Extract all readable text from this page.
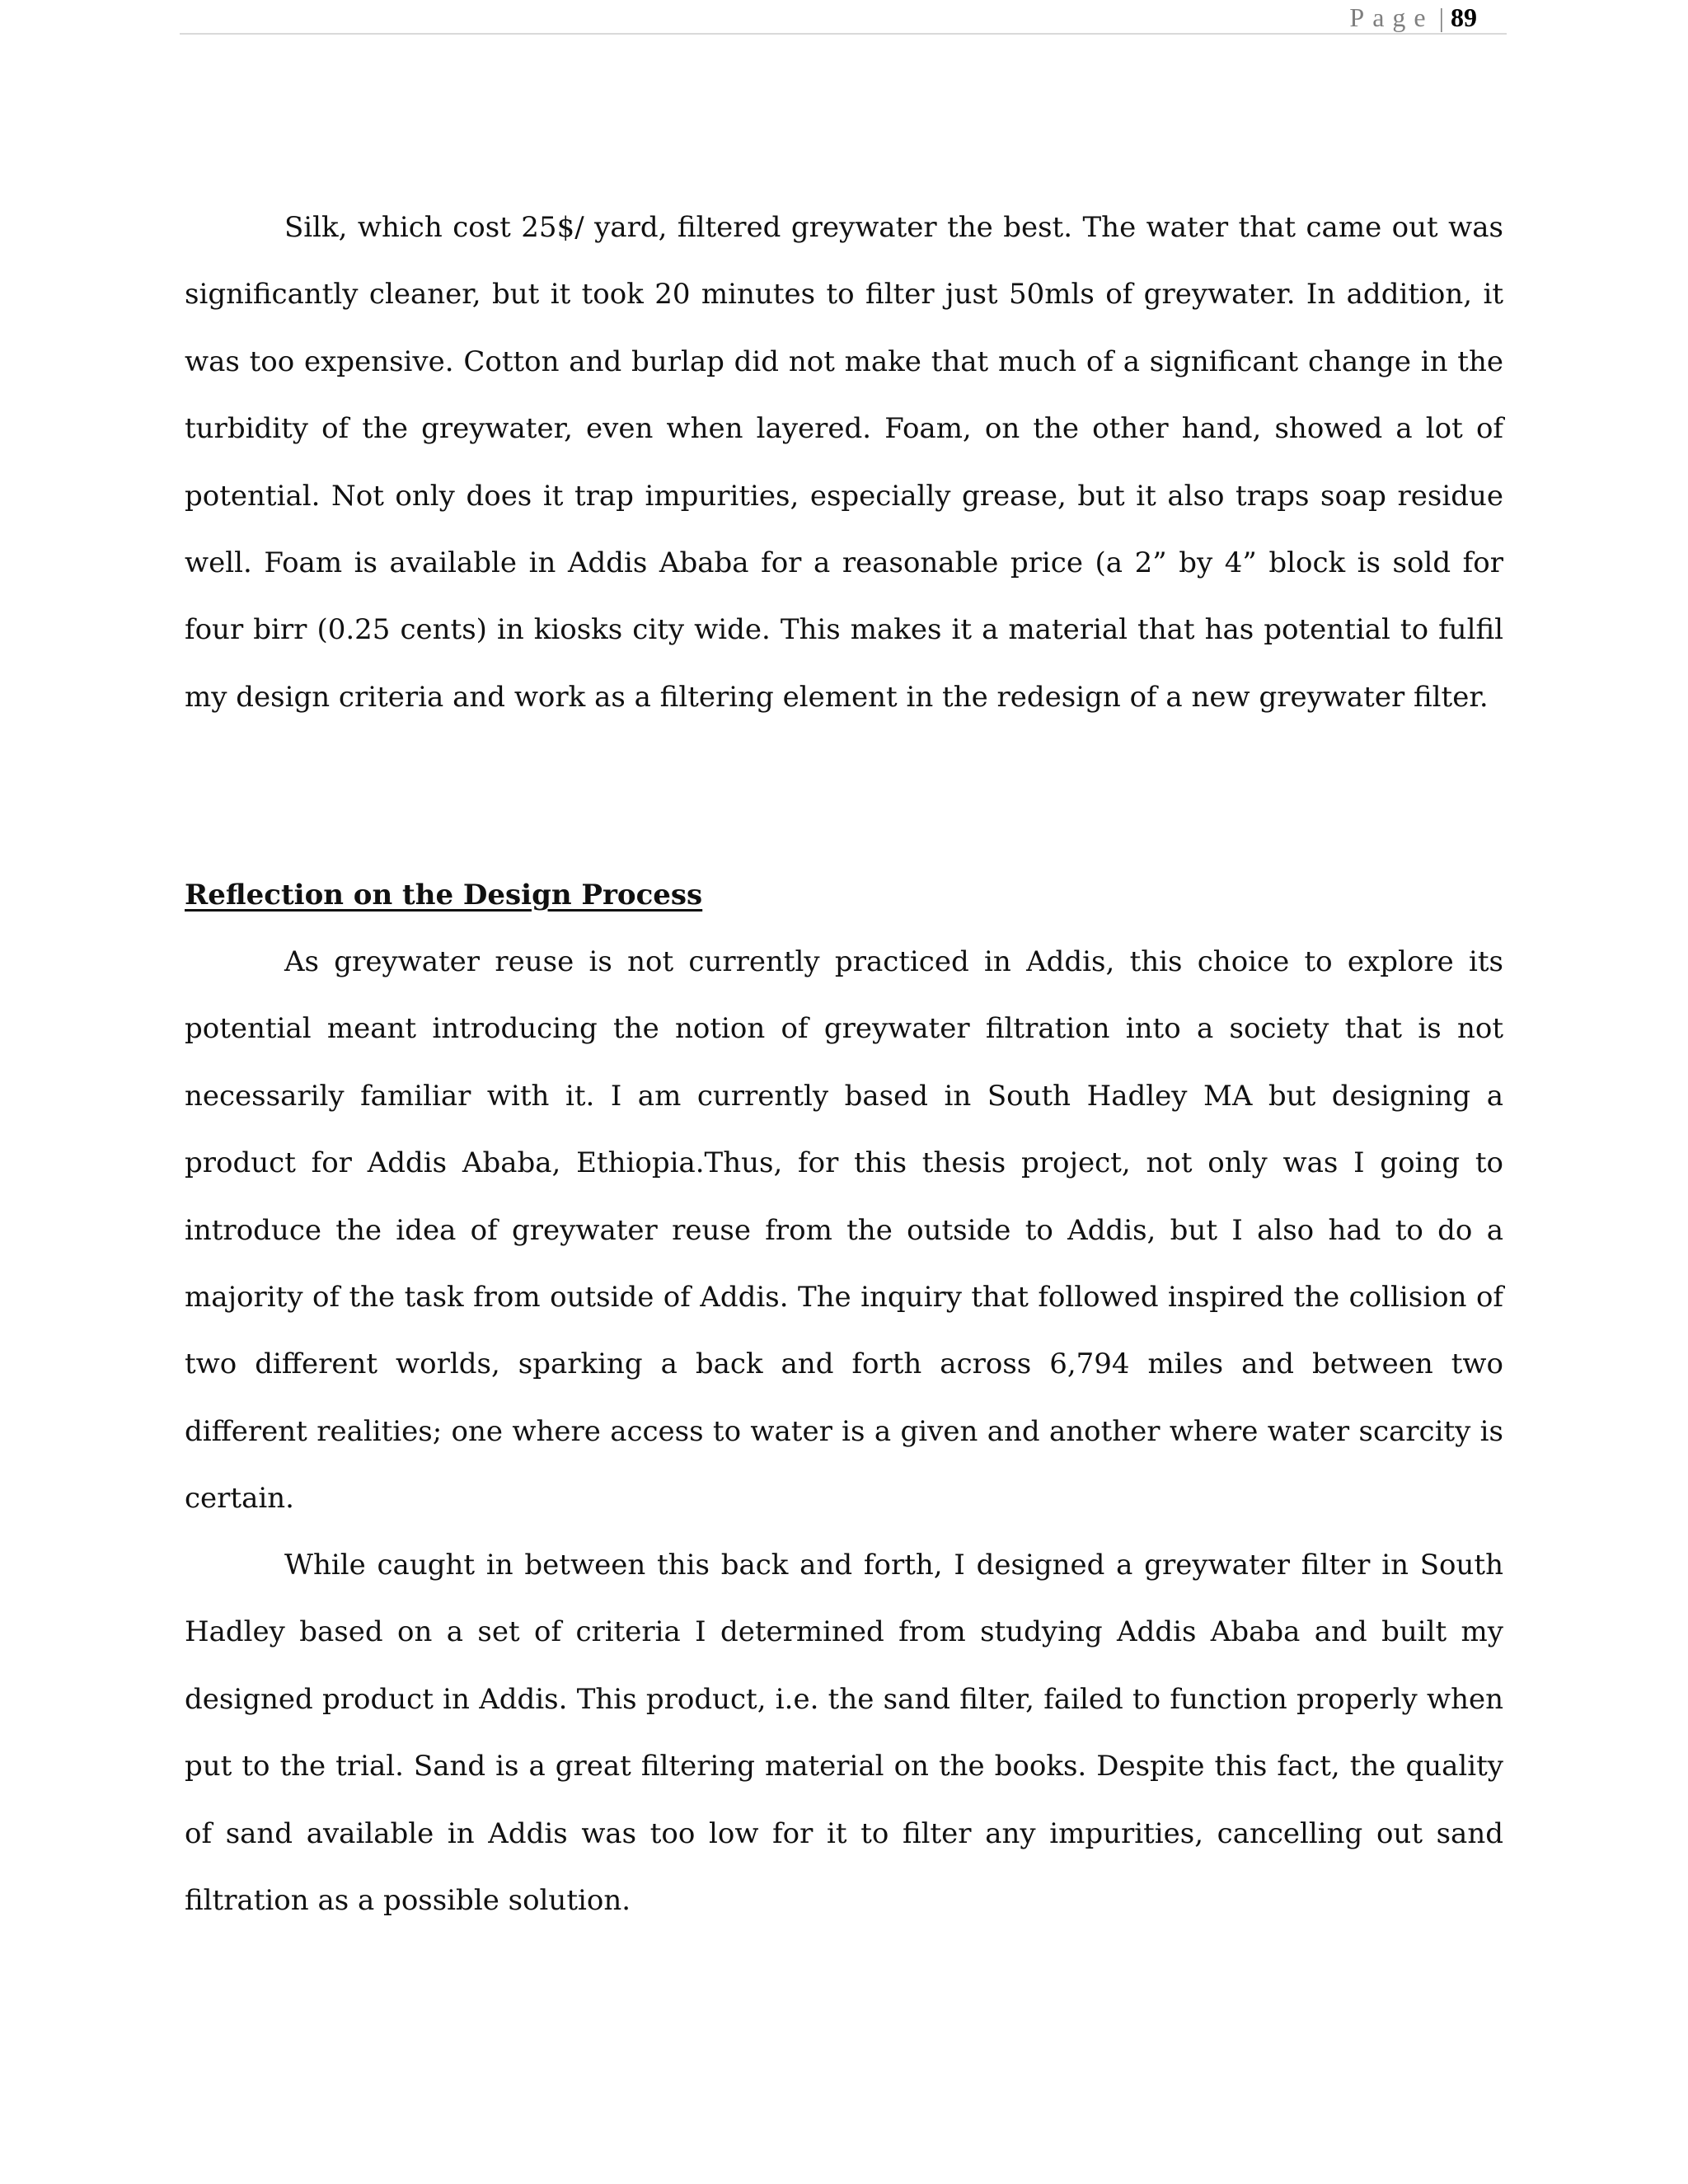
Page | 89

Silk, which cost 25$/ yard, filtered greywater the best. The water that came out was significantly cleaner, but it took 20 minutes to filter just 50mls of greywater. In addition, it was too expensive. Cotton and burlap did not make that much of a significant change in the turbidity of the greywater, even when layered. Foam, on the other hand, showed a lot of potential. Not only does it trap impurities, especially grease, but it also traps soap residue well. Foam is available in Addis Ababa for a reasonable price (a 2” by 4” block is sold for four birr (0.25 cents) in kiosks city wide. This makes it a material that has potential to fulfil my design criteria and work as a filtering element in the redesign of a new greywater filter.

Reflection on the Design Process

As greywater reuse is not currently practiced in Addis, this choice to explore its potential meant introducing the notion of greywater filtration into a society that is not necessarily familiar with it. I am currently based in South Hadley MA but designing a product for Addis Ababa, Ethiopia.Thus, for this thesis project, not only was I going to introduce the idea of greywater reuse from the outside to Addis, but I also had to do a majority of the task from outside of Addis. The inquiry that followed inspired the collision of two different worlds, sparking a back and forth across 6,794 miles and between two different realities; one where access to water is a given and another where water scarcity is certain.

While caught in between this back and forth, I designed a greywater filter in South Hadley based on a set of criteria I determined from studying Addis Ababa and built my designed product in Addis. This product, i.e. the sand filter, failed to function properly when put to the trial. Sand is a great filtering material on the books. Despite this fact, the quality of sand available in Addis was too low for it to filter any impurities, cancelling out sand filtration as a possible solution.
